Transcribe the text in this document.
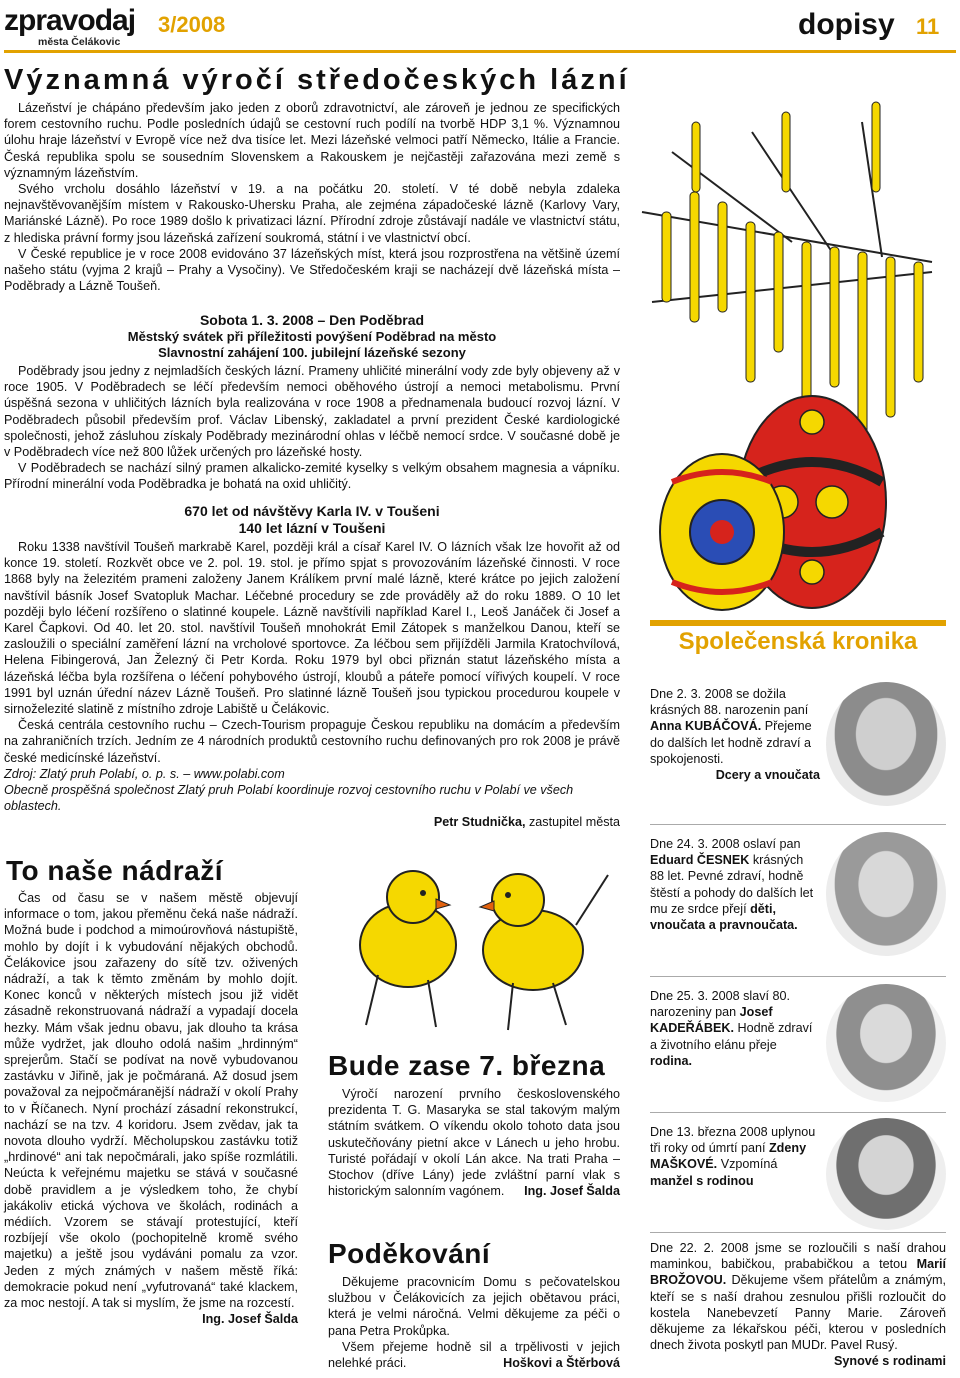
zpravodaj
města Čelákovic
3/2008	dopisy 11
Významná výročí středočeských lázní

Lázeňství je chápáno především jako jeden z oborů zdravotnictví, ale zároveň je jednou ze specifických forem cestovního ruchu. Podle posledních údajů se cestovní ruch podílí na tvorbě HDP 3,1 %. Významnou úlohu hraje lázeňství v Evropě více než dva tisíce let. Mezi lázeňské velmoci patří Německo, Itálie a Francie. Česká republika spolu se sousedním Slovenskem a Rakouskem je nejčastěji zařazována mezi země s významným lázeňstvím.

Svého vrcholu dosáhlo lázeňství v 19. a na počátku 20. století. V té době nebyla zdaleka nejnavštěvovanějším místem v Rakousko-Uhersku Praha, ale zejména západočeské lázně (Karlovy Vary, Mariánské Lázně). Po roce 1989 došlo k privatizaci lázní. Přírodní zdroje zůstávají nadále ve vlastnictví státu, z hlediska právní formy jsou lázeňská zařízení soukromá, státní i ve vlastnictví obcí.

V České republice je v roce 2008 evidováno 37 lázeňských míst, která jsou rozprostřena na většině území našeho státu (vyjma 2 krajů – Prahy a Vysočiny). Ve Středočeském kraji se nacházejí dvě lázeňská místa – Poděbrady a Lázně Toušeň.

Sobota 1. 3. 2008 – Den Poděbrad
Městský svátek při příležitosti povýšení Poděbrad na město
Slavnostní zahájení 100. jubilejní lázeňské sezony

Poděbrady jsou jedny z nejmladších českých lázní. Prameny uhličité minerální vody zde byly objeveny až v roce 1905. V Poděbradech se léčí především nemoci oběhového ústrojí a nemoci metabolismu. První úspěšná sezona v uhličitých lázních byla realizována v roce 1908 a přednamenala budoucí rozvoj lázní. V Poděbradech působil především prof. Václav Libenský, zakladatel a první prezident České kardiologické společnosti, jehož zásluhou získaly Poděbrady mezinárodní ohlas v léčbě nemocí srdce. V současné době je v Poděbradech více než 800 lůžek určených pro lázeňské hosty.

V Poděbradech se nachází silný pramen alkalicko-zemité kyselky s velkým obsahem magnesia a vápníku. Přírodní minerální voda Poděbradka je bohatá na oxid uhličitý.

670 let od návštěvy Karla IV. v Toušeni
140 let lázní v Toušeni

Roku 1338 navštívil Toušeň markrabě Karel, později král a císař Karel IV. O lázních však lze hovořit až od konce 19. století. Rozkvět obce ve 2. pol. 19. stol. je přímo spjat s provozováním lázeňské činnosti. V roce 1868 byly na železitém prameni založeny Janem Králíkem první malé lázně, které krátce po jejich založení navštívil básník Josef Svatopluk Machar. Léčebné procedury se zde prováděly až do roku 1889. O 10 let později bylo léčení rozšířeno o slatinné koupele. Lázně navštívili například Karel I., Leoš Janáček či Josef a Karel Čapkovi. Od 40. let 20. stol. navštívil Toušeň mnohokrát Emil Zátopek s manželkou Danou, kteří se zasloužili o speciální zaměření lázní na vrcholové sportovce. Za léčbou sem přijížděli Jarmila Kratochvílová, Helena Fibingerová, Jan Železný či Petr Korda. Roku 1979 byl obci přiznán statut lázeňského místa a lázeňská léčba byla rozšířena o léčení pohybového ústrojí, kloubů a páteře pomocí vířivých koupelí. V roce 1991 byl uznán úřední název Lázně Toušeň. Pro slatinné lázně Toušeň jsou typickou procedurou koupele v sirnoželezité slatině z místního zdroje Labiště u Čelákovic.

Česká centrála cestovního ruchu – Czech-Tourism propaguje Českou republiku na domácím a především na zahraničních trzích. Jedním ze 4 národních produktů cestovního ruchu definovaných pro rok 2008 je právě české medicínské lázeňství.

Zdroj: Zlatý pruh Polabí, o. p. s. – www.polabi.com

Obecně prospěšná společnost Zlatý pruh Polabí koordinuje rozvoj cestovního ruchu v Polabí ve všech oblastech.

Petr Studnička, zastupitel města

To naše nádraží

Čas od času se v našem městě objevují informace o tom, jakou přeměnu čeká naše nádraží. Možná bude i podchod a mimoúrovňová nástupiště, mohlo by dojít i k vybudování nějakých obchodů. Čelákovice jsou zařazeny do sítě tzv. oživených nádraží, a tak k těmto změnám by mohlo dojít. Konec konců v některých místech jsou již vidět zásadně rekonstruovaná nádraží a vypadají docela hezky. Mám však jednu obavu, jak dlouho ta krása může vydržet, jak dlouho odolá našim „hrdinným“ sprejerům. Stačí se podívat na nově vybudovanou zastávku v Jiřině, jak je počmáraná. Až dosud jsem považoval za nejpočmáranější nádraží v okolí Prahy to v Říčanech. Nyní prochází zásadní rekonstrukcí, nachází se na tzv. 4 koridoru. Jsem zvědav, jak ta novota dlouho vydrží. Měcholupskou zastávku totiž „hrdinové“ ani tak nepočmárali, jako spíše rozmlátili. Neúcta k veřejnému majetku se stává v současné době pravidlem a je výsledkem toho, že chybí jakákoliv etická výchova ve školách, rodinách a médiích. Vzorem se stávají protestující, kteří rozbíjejí vše okolo (pochopitelně kromě svého majetku) a ještě jsou vydáváni pomalu za vzor. Jeden z mých známých v našem městě říká: demokracie pokud není „vyfutrovaná“ také klackem, za moc nestojí. A tak si myslím, že jsme na rozcestí.

Ing. Josef Šalda

Bude zase 7. března

Výročí narození prvního československého prezidenta T. G. Masaryka se stal takovým malým státním svátkem. O víkendu okolo tohoto data jsou uskutečňovány pietní akce v Lánech u jeho hrobu. Turisté pořádají v okolí Lán akce. Na trati Praha – Stochov (dříve Lány) jede zvláštní parní vlak s historickým salonním vagónem.	Ing. Josef Šalda

Poděkování

Děkujeme pracovnicím Domu s pečovatelskou službou v Čelákovicích za jejich obětavou práci, která je velmi náročná. Velmi děkujeme za péči o pana Petra Prokůpka.

Všem přejeme hodně sil a trpělivosti v jejich nelehké práci.	Hoškovi a Štěrbová

Společenská kronika
Dne 2. 3. 2008 se dožila krásných 88. narozenin paní Anna KUBÁČOVÁ. Přejeme do dalších let hodně zdraví a spokojenosti.
Dcery a vnoučata
Dne 24. 3. 2008 oslaví pan Eduard ČESNEK krásných 88 let. Pevné zdraví, hodně štěstí a pohody do dalších let mu ze srdce přejí děti, vnoučata a pravnoučata.
Dne 25. 3. 2008 slaví 80. narozeniny pan Josef KADEŘÁBEK. Hodně zdraví a životního elánu přeje rodina.
Dne 13. března 2008 uplynou tři roky od úmrtí paní Zdeny MAŠKOVÉ. Vzpomíná manžel s rodinou
Dne 22. 2. 2008 jsme se rozloučili s naší drahou maminkou, babičkou, prababičkou a tetou Marií BROŽOVOU. Děkujeme všem přátelům a známým, kteří se s naší drahou zesnulou přišli rozloučit do kostela Nanebevzetí Panny Marie. Zároveň děkujeme za lékařskou péči, kterou v posledních dnech života poskytl pan MUDr. Pavel Rusý.
Synové s rodinami
